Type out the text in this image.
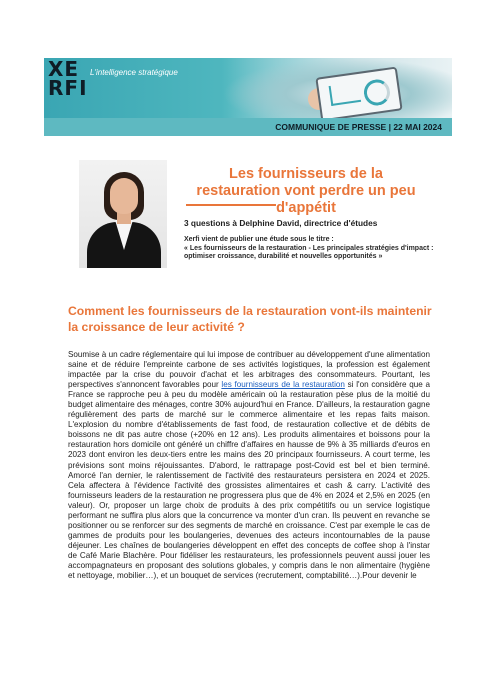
XE
RFI
L'intelligence stratégique
COMMUNIQUE DE PRESSE | 22 MAI 2024
Les fournisseurs de la restauration vont perdre un peu d'appétit
3 questions à Delphine David, directrice d'études
Xerfi vient de publier une étude sous le titre :
« Les fournisseurs de la restauration - Les principales stratégies d'impact : optimiser croissance, durabilité et nouvelles opportunités »
Comment les fournisseurs de la restauration vont-ils maintenir la croissance de leur activité ?
Soumise à un cadre réglementaire qui lui impose de contribuer au développement d'une alimentation saine et de réduire l'empreinte carbone de ses activités logistiques, la profession est également impactée par la crise du pouvoir d'achat et les arbitrages des consommateurs. Pourtant, les perspectives s'annoncent favorables pour les fournisseurs de la restauration si l'on considère que a France se rapproche peu à peu du modèle américain où la restauration pèse plus de la moitié du budget alimentaire des ménages, contre 30% aujourd'hui en France. D'ailleurs, la restauration gagne régulièrement des parts de marché sur le commerce alimentaire et les repas faits maison. L'explosion du nombre d'établissements de fast food, de restauration collective et de débits de boissons ne dit pas autre chose (+20% en 12 ans). Les produits alimentaires et boissons pour la restauration hors domicile ont généré un chiffre d'affaires en hausse de 9% à 35 milliards d'euros en 2023 dont environ les deux-tiers entre les mains des 20 principaux fournisseurs. A court terme, les prévisions sont moins réjouissantes. D'abord, le rattrapage post-Covid est bel et bien terminé. Amorcé l'an dernier, le ralentissement de l'activité des restaurateurs persistera en 2024 et 2025. Cela affectera à l'évidence l'activité des grossistes alimentaires et cash & carry. L'activité des fournisseurs leaders de la restauration ne progressera plus que de 4% en 2024 et 2,5% en 2025 (en valeur). Or, proposer un large choix de produits à des prix compétitifs ou un service logistique performant ne suffira plus alors que la concurrence va monter d'un cran. Ils peuvent en revanche se positionner ou se renforcer sur des segments de marché en croissance. C'est par exemple le cas de gammes de produits pour les boulangeries, devenues des acteurs incontournables de la pause déjeuner. Les chaînes de boulangeries développent en effet des concepts de coffee shop à l'instar de Café Marie Blachère. Pour fidéliser les restaurateurs, les professionnels peuvent aussi jouer les accompagnateurs en proposant des solutions globales, y compris dans le non alimentaire (hygiène et nettoyage, mobilier…), et un bouquet de services (recrutement, comptabilité…).Pour devenir le
